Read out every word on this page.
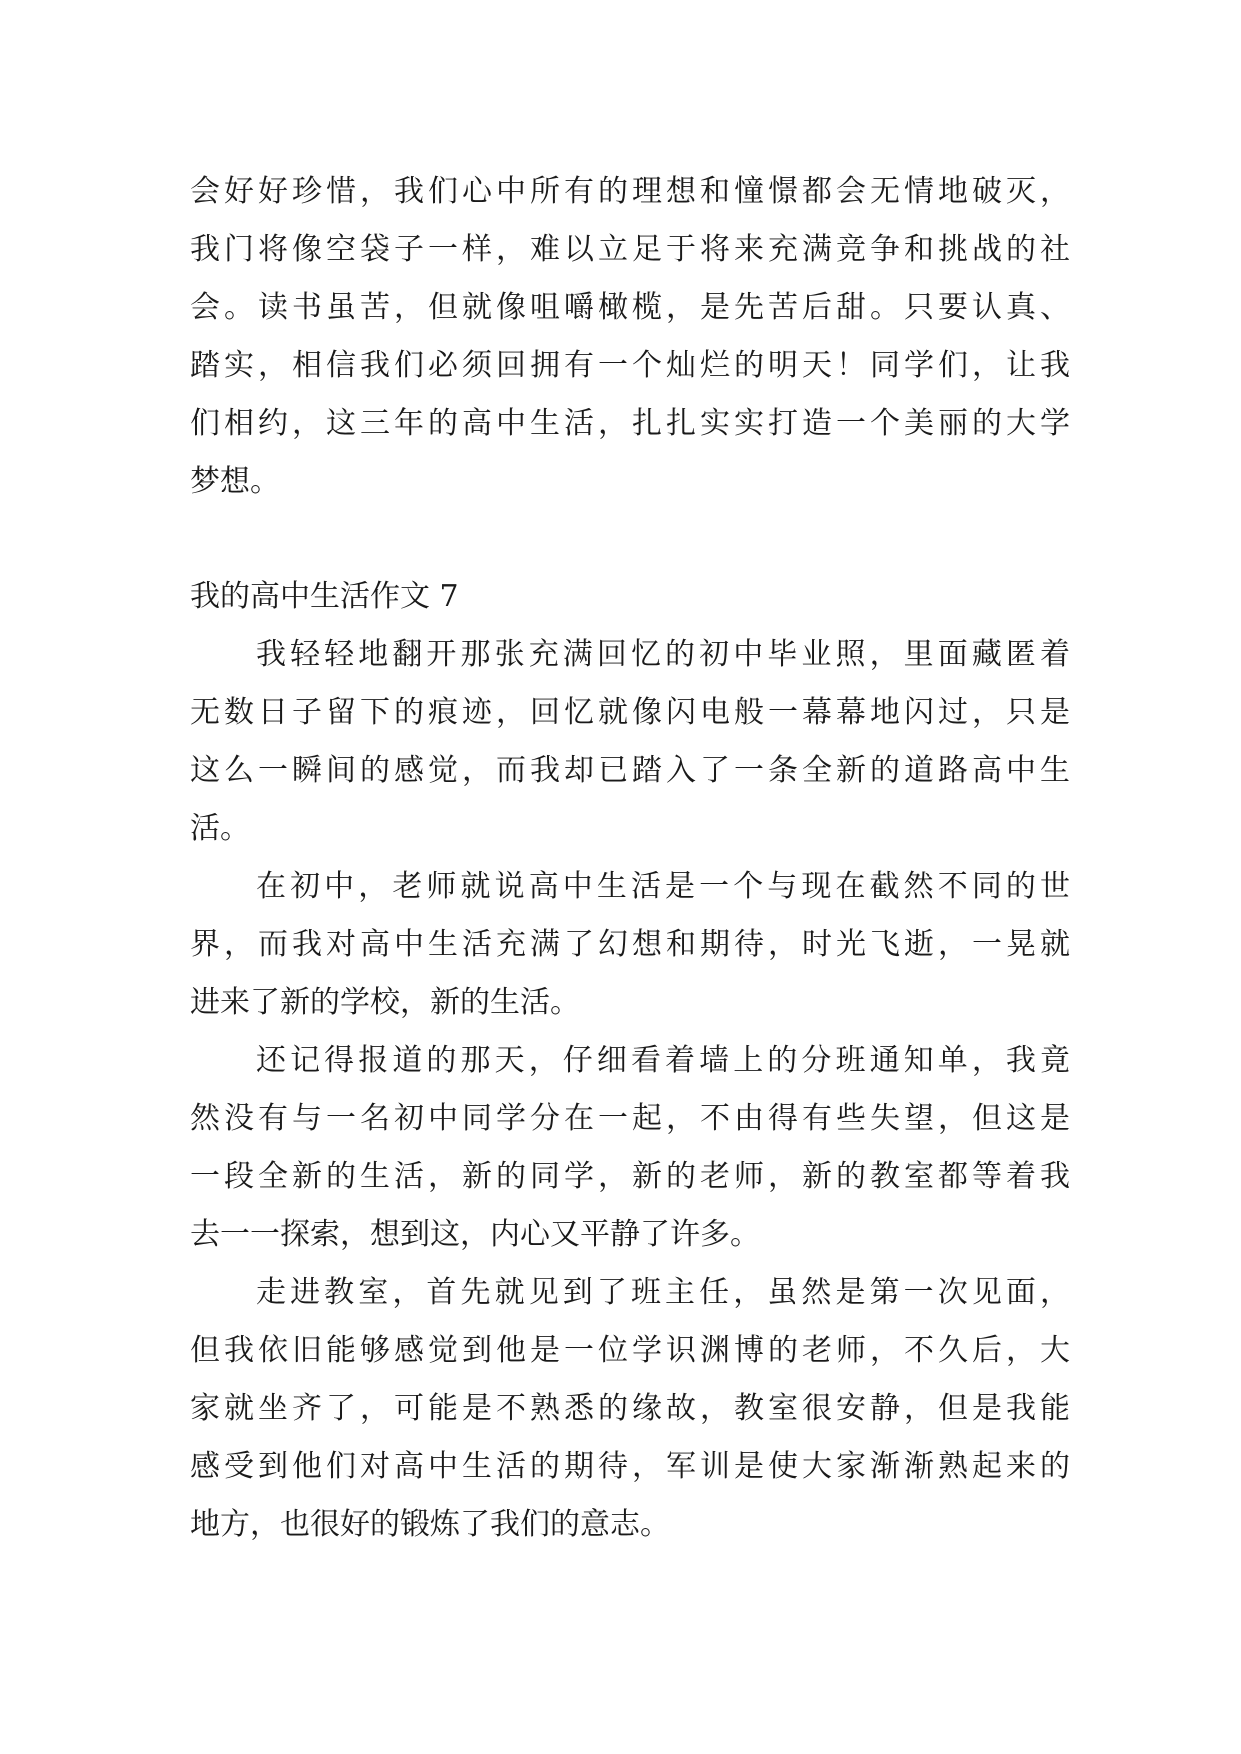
会好好珍惜，我们心中所有的理想和憧憬都会无情地破灭，
我门将像空袋子一样，难以立足于将来充满竞争和挑战的社
会。读书虽苦，但就像咀嚼橄榄，是先苦后甜。只要认真、
踏实，相信我们必须回拥有一个灿烂的明天！同学们，让我
们相约，这三年的高中生活，扎扎实实打造一个美丽的大学
梦想。
我的高中生活作文 7
我轻轻地翻开那张充满回忆的初中毕业照，里面藏匿着
无数日子留下的痕迹，回忆就像闪电般一幕幕地闪过，只是
这么一瞬间的感觉，而我却已踏入了一条全新的道路高中生
活。
在初中，老师就说高中生活是一个与现在截然不同的世
界，而我对高中生活充满了幻想和期待，时光飞逝，一晃就
进来了新的学校，新的生活。
还记得报道的那天，仔细看着墙上的分班通知单，我竟
然没有与一名初中同学分在一起，不由得有些失望，但这是
一段全新的生活，新的同学，新的老师，新的教室都等着我
去一一探索，想到这，内心又平静了许多。
走进教室，首先就见到了班主任，虽然是第一次见面，
但我依旧能够感觉到他是一位学识渊博的老师，不久后，大
家就坐齐了，可能是不熟悉的缘故，教室很安静，但是我能
感受到他们对高中生活的期待，军训是使大家渐渐熟起来的
地方，也很好的锻炼了我们的意志。
